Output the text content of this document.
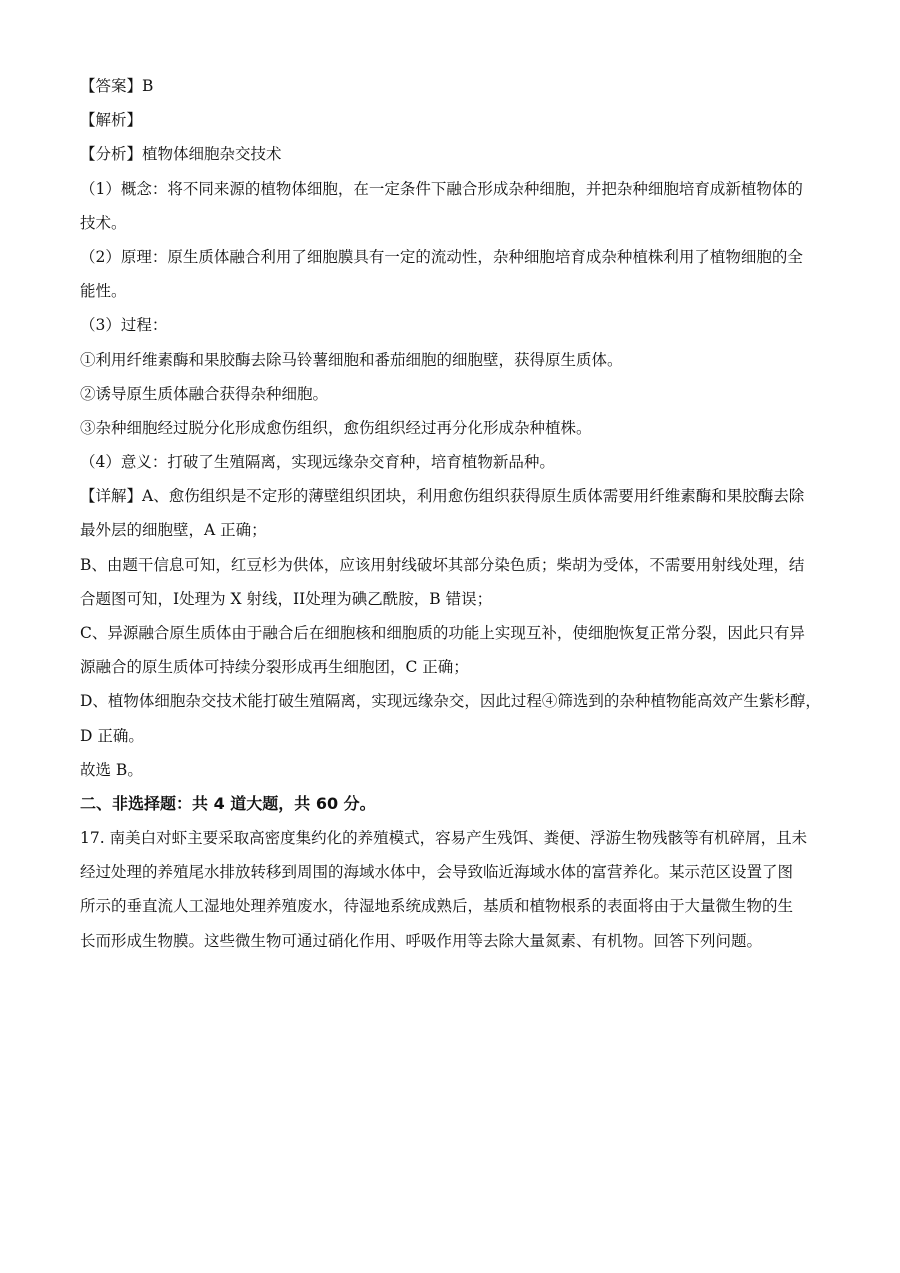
【答案】B
【解析】
【分析】植物体细胞杂交技术
（1）概念：将不同来源的植物体细胞，在一定条件下融合形成杂种细胞，并把杂种细胞培育成新植物体的
技术。
（2）原理：原生质体融合利用了细胞膜具有一定的流动性，杂种细胞培育成杂种植株利用了植物细胞的全
能性。
（3）过程：
①利用纤维素酶和果胶酶去除马铃薯细胞和番茄细胞的细胞壁，获得原生质体。
②诱导原生质体融合获得杂种细胞。
③杂种细胞经过脱分化形成愈伤组织，愈伤组织经过再分化形成杂种植株。
（4）意义：打破了生殖隔离，实现远缘杂交育种，培育植物新品种。
【详解】A、愈伤组织是不定形的薄壁组织团块，利用愈伤组织获得原生质体需要用纤维素酶和果胶酶去除
最外层的细胞壁，A 正确；
B、由题干信息可知，红豆杉为供体，应该用射线破坏其部分染色质；柴胡为受体，不需要用射线处理，结
合题图可知，I处理为 X 射线，II处理为碘乙酰胺，B 错误；
C、异源融合原生质体由于融合后在细胞核和细胞质的功能上实现互补，使细胞恢复正常分裂，因此只有异
源融合的原生质体可持续分裂形成再生细胞团，C 正确；
D、植物体细胞杂交技术能打破生殖隔离，实现远缘杂交，因此过程④筛选到的杂种植物能高效产生紫杉醇，
D 正确。
故选 B。
二、非选择题：共 4 道大题，共 60 分。
17. 南美白对虾主要采取高密度集约化的养殖模式，容易产生残饵、粪便、浮游生物残骸等有机碎屑，且未
经过处理的养殖尾水排放转移到周围的海域水体中，会导致临近海域水体的富营养化。某示范区设置了图
所示的垂直流人工湿地处理养殖废水，待湿地系统成熟后，基质和植物根系的表面将由于大量微生物的生
长而形成生物膜。这些微生物可通过硝化作用、呼吸作用等去除大量氮素、有机物。回答下列问题。
